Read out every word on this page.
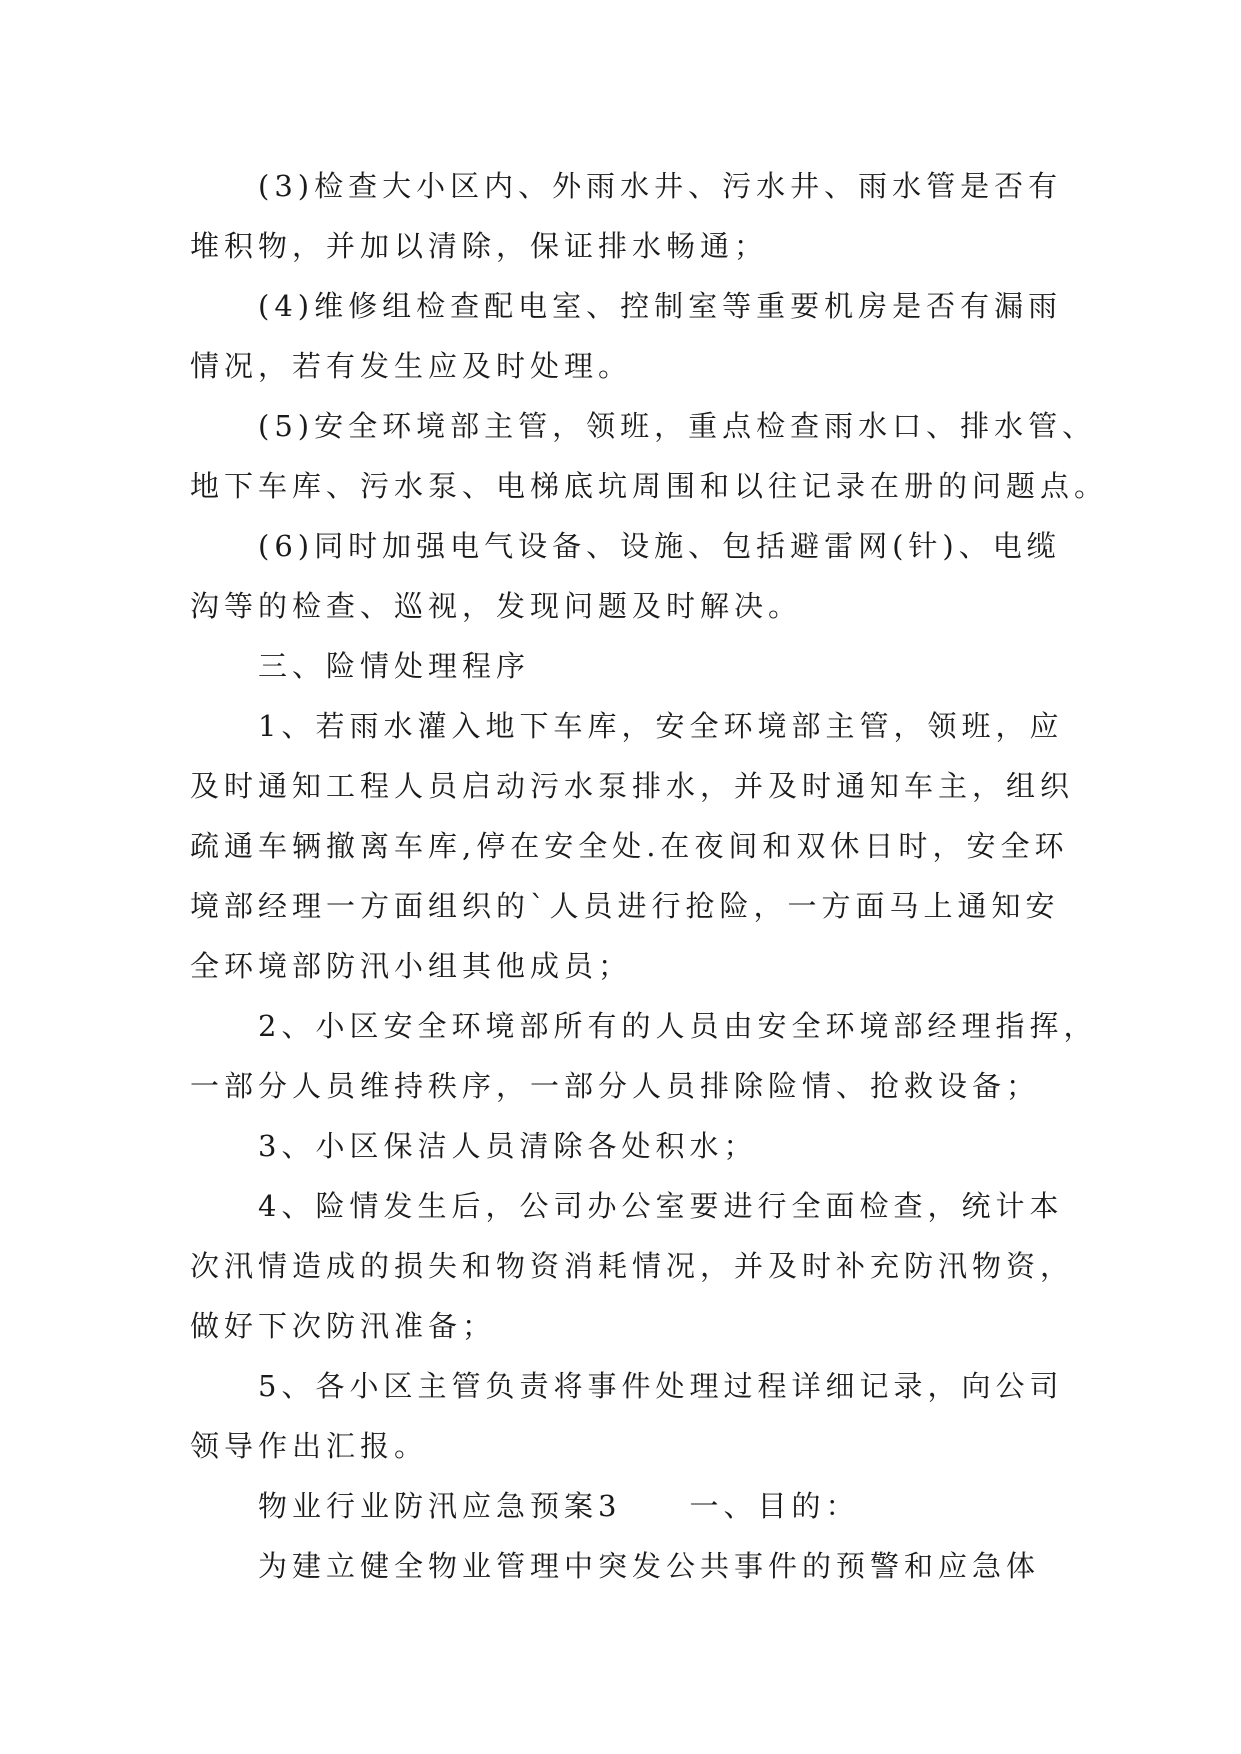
(3)检查大小区内、外雨水井、污水井、雨水管是否有
堆积物，并加以清除，保证排水畅通；
(4)维修组检查配电室、控制室等重要机房是否有漏雨
情况，若有发生应及时处理。
(5)安全环境部主管，领班，重点检查雨水口、排水管、
地下车库、污水泵、电梯底坑周围和以往记录在册的问题点。
(6)同时加强电气设备、设施、包括避雷网(针)、电缆
沟等的检查、巡视，发现问题及时解决。
三、险情处理程序
1、若雨水灌入地下车库，安全环境部主管，领班，应
及时通知工程人员启动污水泵排水，并及时通知车主，组织
疏通车辆撤离车库,停在安全处.在夜间和双休日时，安全环
境部经理一方面组织的`人员进行抢险，一方面马上通知安
全环境部防汛小组其他成员；
2、小区安全环境部所有的人员由安全环境部经理指挥，
一部分人员维持秩序，一部分人员排除险情、抢救设备；
3、小区保洁人员清除各处积水；
4、险情发生后，公司办公室要进行全面检查，统计本
次汛情造成的损失和物资消耗情况，并及时补充防汛物资，
做好下次防汛准备；
5、各小区主管负责将事件处理过程详细记录，向公司
领导作出汇报。
物业行业防汛应急预案3　　一、目的：
为建立健全物业管理中突发公共事件的预警和应急体
